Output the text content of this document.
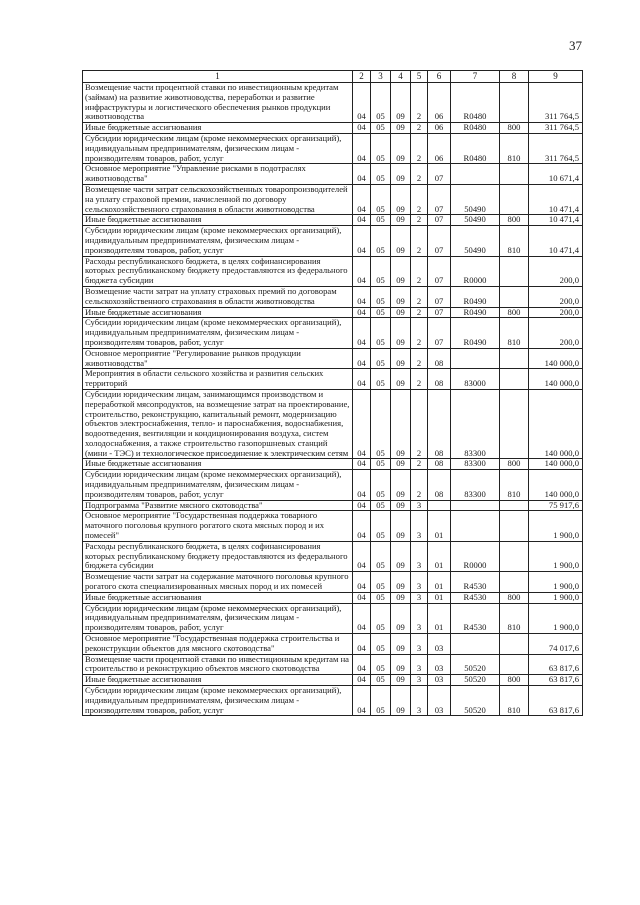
37
1	2	3	4	5	6	7	8	9
Возмещение части процентной ставки по инвестиционным кредитам (займам) на развитие животноводства, переработки и развитие инфраструктуры и логистического обеспечения рынков продукции животноводства	04	05	09	2	06	R0480		311 764,5
Иные бюджетные ассигнования	04	05	09	2	06	R0480	800	311 764,5
Субсидии юридическим лицам (кроме некоммерческих организаций), индивидуальным предпринимателям, физическим лицам - производителям товаров, работ, услуг	04	05	09	2	06	R0480	810	311 764,5
Основное мероприятие "Управление рисками в подотраслях животноводства"	04	05	09	2	07			10 671,4
Возмещение части затрат сельскохозяйственных товаропроизводителей на уплату страховой премии, начисленной по договору сельскохозяйственного страхования в области животноводства	04	05	09	2	07	50490		10 471,4
Иные бюджетные ассигнования	04	05	09	2	07	50490	800	10 471,4
Субсидии юридическим лицам (кроме некоммерческих организаций), индивидуальным предпринимателям, физическим лицам - производителям товаров, работ, услуг	04	05	09	2	07	50490	810	10 471,4
Расходы республиканского бюджета, в целях софинансирования которых республиканскому бюджету предоставляются из федерального бюджета субсидии	04	05	09	2	07	R0000		200,0
Возмещение части затрат на уплату страховых премий по договорам сельскохозяйственного страхования в области животноводства	04	05	09	2	07	R0490		200,0
Иные бюджетные ассигнования	04	05	09	2	07	R0490	800	200,0
Субсидии юридическим лицам (кроме некоммерческих организаций), индивидуальным предпринимателям, физическим лицам - производителям товаров, работ, услуг	04	05	09	2	07	R0490	810	200,0
Основное мероприятие "Регулирование рынков продукции животноводства"	04	05	09	2	08			140 000,0
Мероприятия в области сельского хозяйства и развития сельских территорий	04	05	09	2	08	83000		140 000,0
Субсидии юридическим лицам, занимающимся производством и переработкой мясопродуктов, на возмещение затрат на проектирование, строительство, реконструкцию, капитальный ремонт, модернизацию объектов электроснабжения, тепло- и пароснабжения, водоснабжения, водоотведения, вентиляции и кондиционирования воздуха, систем холодоснабжения, а также строительство газопоршневых станций (мини - ТЭС) и технологическое присоединение к электрическим сетям	04	05	09	2	08	83300		140 000,0
Иные бюджетные ассигнования	04	05	09	2	08	83300	800	140 000,0
Субсидии юридическим лицам (кроме некоммерческих организаций), индивидуальным предпринимателям, физическим лицам - производителям товаров, работ, услуг	04	05	09	2	08	83300	810	140 000,0
Подпрограмма "Развитие мясного скотоводства"	04	05	09	3				75 917,6
Основное мероприятие "Государственная поддержка товарного маточного поголовья крупного рогатого скота мясных пород и их помесей"	04	05	09	3	01			1 900,0
Расходы республиканского бюджета, в целях софинансирования которых республиканскому бюджету предоставляются из федерального бюджета субсидии	04	05	09	3	01	R0000		1 900,0
Возмещение части затрат на содержание маточного поголовья крупного рогатого скота специализированных мясных пород и их помесей	04	05	09	3	01	R4530		1 900,0
Иные бюджетные ассигнования	04	05	09	3	01	R4530	800	1 900,0
Субсидии юридическим лицам (кроме некоммерческих организаций), индивидуальным предпринимателям, физическим лицам - производителям товаров, работ, услуг	04	05	09	3	01	R4530	810	1 900,0
Основное мероприятие "Государственная поддержка строительства и реконструкции объектов для мясного скотоводства"	04	05	09	3	03			74 017,6
Возмещение части процентной ставки по инвестиционным кредитам на строительство и реконструкцию объектов мясного скотоводства	04	05	09	3	03	50520		63 817,6
Иные бюджетные ассигнования	04	05	09	3	03	50520	800	63 817,6
Субсидии юридическим лицам (кроме некоммерческих организаций), индивидуальным предпринимателям, физическим лицам - производителям товаров, работ, услуг	04	05	09	3	03	50520	810	63 817,6
